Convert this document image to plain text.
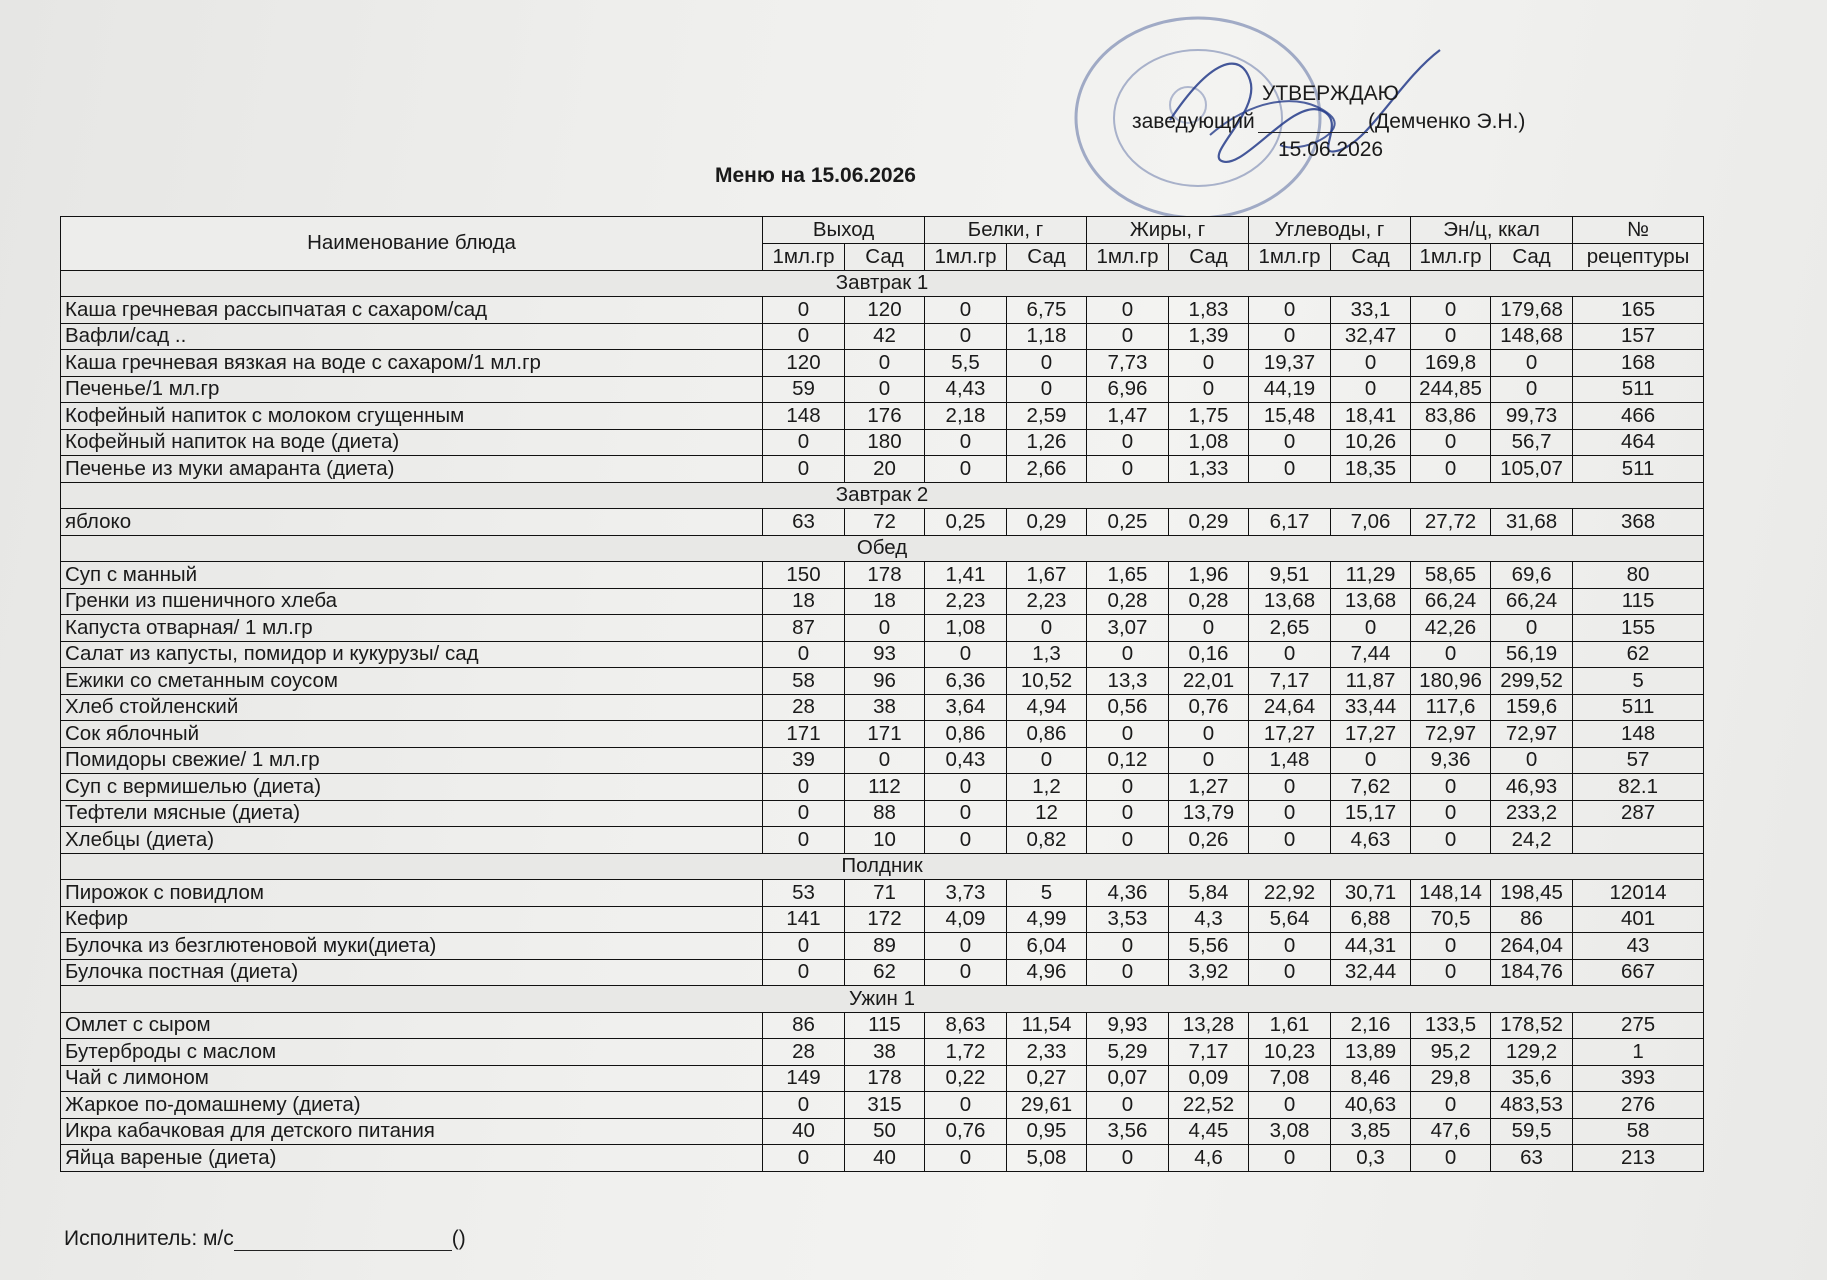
УТВЕРЖДАЮ
заведующий	(Демченко Э.Н.)
15.06.2026
Меню на 15.06.2026
Наименование блюда	Выход		Белки, г		Жиры, г		Углеводы, г		Эн/ц, ккал		№
	1мл.гр	Сад	1мл.гр	Сад	1мл.гр	Сад	1мл.гр	Сад	1мл.гр	Сад	рецептуры
Завтрак 1											
Каша гречневая рассыпчатая с сахаром/сад	0	120	0	6,75	0	1,83	0	33,1	0	179,68	165
Вафли/сад ..	0	42	0	1,18	0	1,39	0	32,47	0	148,68	157
Каша гречневая вязкая на воде с сахаром/1 мл.гр	120	0	5,5	0	7,73	0	19,37	0	169,8	0	168
Печенье/1 мл.гр	59	0	4,43	0	6,96	0	44,19	0	244,85	0	511
Кофейный напиток с молоком сгущенным	148	176	2,18	2,59	1,47	1,75	15,48	18,41	83,86	99,73	466
Кофейный напиток на воде (диета)	0	180	0	1,26	0	1,08	0	10,26	0	56,7	464
Печенье из муки амаранта (диета)	0	20	0	2,66	0	1,33	0	18,35	0	105,07	511
Завтрак 2											
яблоко	63	72	0,25	0,29	0,25	0,29	6,17	7,06	27,72	31,68	368
Обед											
Суп с манный	150	178	1,41	1,67	1,65	1,96	9,51	11,29	58,65	69,6	80
Гренки из пшеничного хлеба	18	18	2,23	2,23	0,28	0,28	13,68	13,68	66,24	66,24	115
Капуста отварная/ 1 мл.гр	87	0	1,08	0	3,07	0	2,65	0	42,26	0	155
Салат из капусты, помидор и кукурузы/ сад	0	93	0	1,3	0	0,16	0	7,44	0	56,19	62
Ежики со сметанным соусом	58	96	6,36	10,52	13,3	22,01	7,17	11,87	180,96	299,52	5
Хлеб стойленский	28	38	3,64	4,94	0,56	0,76	24,64	33,44	117,6	159,6	511
Сок яблочный	171	171	0,86	0,86	0	0	17,27	17,27	72,97	72,97	148
Помидоры свежие/ 1 мл.гр	39	0	0,43	0	0,12	0	1,48	0	9,36	0	57
Суп с вермишелью (диета)	0	112	0	1,2	0	1,27	0	7,62	0	46,93	82.1
Тефтели мясные (диета)	0	88	0	12	0	13,79	0	15,17	0	233,2	287
Хлебцы (диета)	0	10	0	0,82	0	0,26	0	4,63	0	24,2	
Полдник											
Пирожок с повидлом	53	71	3,73	5	4,36	5,84	22,92	30,71	148,14	198,45	12014
Кефир	141	172	4,09	4,99	3,53	4,3	5,64	6,88	70,5	86	401
Булочка из безглютеновой муки(диета)	0	89	0	6,04	0	5,56	0	44,31	0	264,04	43
Булочка постная (диета)	0	62	0	4,96	0	3,92	0	32,44	0	184,76	667
Ужин 1											
Омлет с сыром	86	115	8,63	11,54	9,93	13,28	1,61	2,16	133,5	178,52	275
Бутерброды с маслом	28	38	1,72	2,33	5,29	7,17	10,23	13,89	95,2	129,2	1
Чай с лимоном	149	178	0,22	0,27	0,07	0,09	7,08	8,46	29,8	35,6	393
Жаркое по-домашнему (диета)	0	315	0	29,61	0	22,52	0	40,63	0	483,53	276
Икра кабачковая для детского питания	40	50	0,76	0,95	3,56	4,45	3,08	3,85	47,6	59,5	58
Яйца вареные (диета)	0	40	0	5,08	0	4,6	0	0,3	0	63	213
Исполнитель: м/с	()
